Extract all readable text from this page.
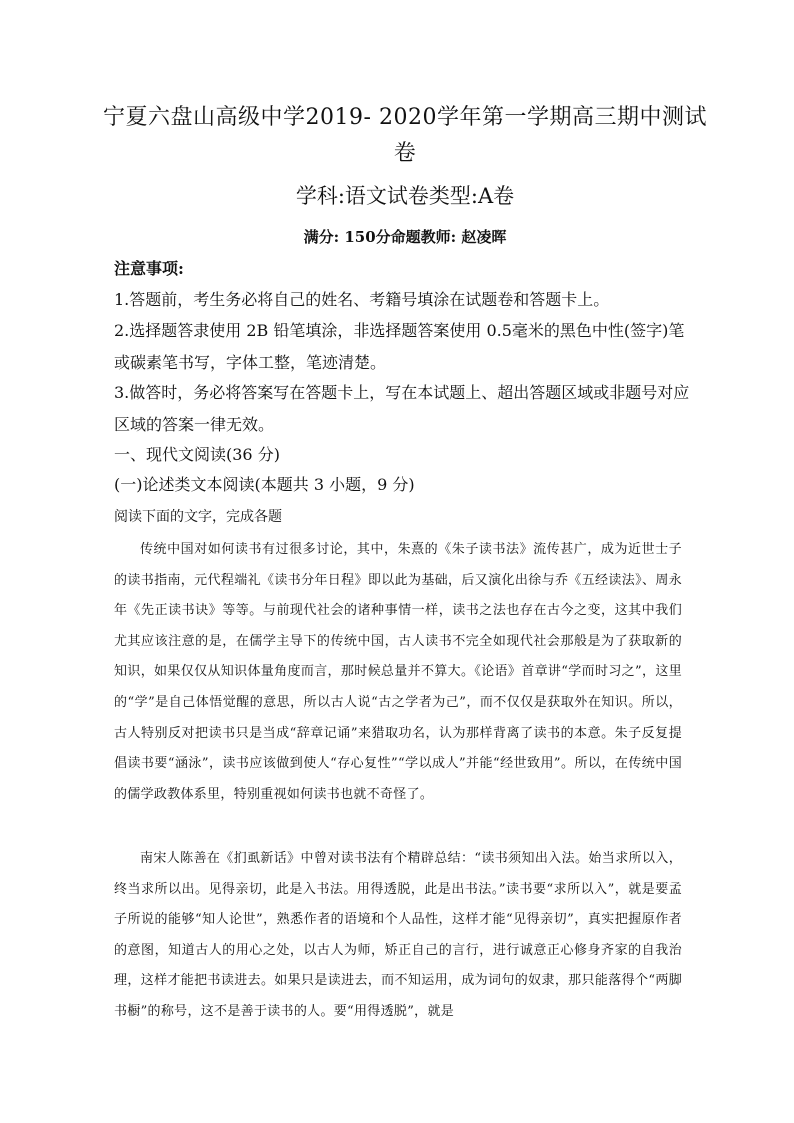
宁夏六盘山高级中学2019- 2020学年第一学期高三期中测试卷
学科:语文试卷类型:A卷
满分: 150分命题教师: 赵凌晖
注意事项:
1.答题前，考生务必将自己的姓名、考籍号填涂在试题卷和答题卡上。
2.选择题答隶使用 2B 铅笔填涂，非选择题答案使用 0.5毫米的黑色中性(签字)笔或碳素笔书写，字体工整，笔迹清楚。
3.做答时，务必将答案写在答题卡上，写在本试题上、超出答题区域或非题号对应区域的答案一律无效。
一、现代文阅读(36 分)
(一)论述类文本阅读(本题共 3 小题，9 分)
阅读下面的文字，完成各题
传统中国对如何读书有过很多讨论，其中，朱熹的《朱子读书法》流传甚广，成为近世士子的读书指南，元代程端礼《读书分年日程》即以此为基础，后又演化出徐与乔《五经读法》、周永年《先正读书诀》等等。与前现代社会的诸种事情一样，读书之法也存在古今之变，这其中我们尤其应该注意的是，在儒学主导下的传统中国，古人读书不完全如现代社会那般是为了获取新的知识，如果仅仅从知识体量角度而言，那时候总量并不算大。《论语》首章讲“学而时习之”，这里的“学”是自己体悟觉醒的意思，所以古人说“古之学者为己”，而不仅仅是获取外在知识。所以，古人特别反对把读书只是当成“辞章记诵”来猎取功名，认为那样背离了读书的本意。朱子反复提倡读书要“涵泳”，读书应该做到使人“存心复性”“学以成人”并能“经世致用”。所以，在传统中国的儒学政教体系里，特别重视如何读书也就不奇怪了。
南宋人陈善在《扪虱新话》中曾对读书法有个精辟总结：“读书须知出入法。始当求所以入，终当求所以出。见得亲切，此是入书法。用得透脱，此是出书法。”读书要“求所以入”，就是要孟子所说的能够“知人论世”，熟悉作者的语境和个人品性，这样才能“见得亲切”，真实把握原作者的意图，知道古人的用心之处，以古人为师，矫正自己的言行，进行诚意正心修身齐家的自我治理，这样才能把书读进去。如果只是读进去，而不知运用，成为词句的奴隶，那只能落得个“两脚书橱”的称号，这不是善于读书的人。要“用得透脱”，就是
